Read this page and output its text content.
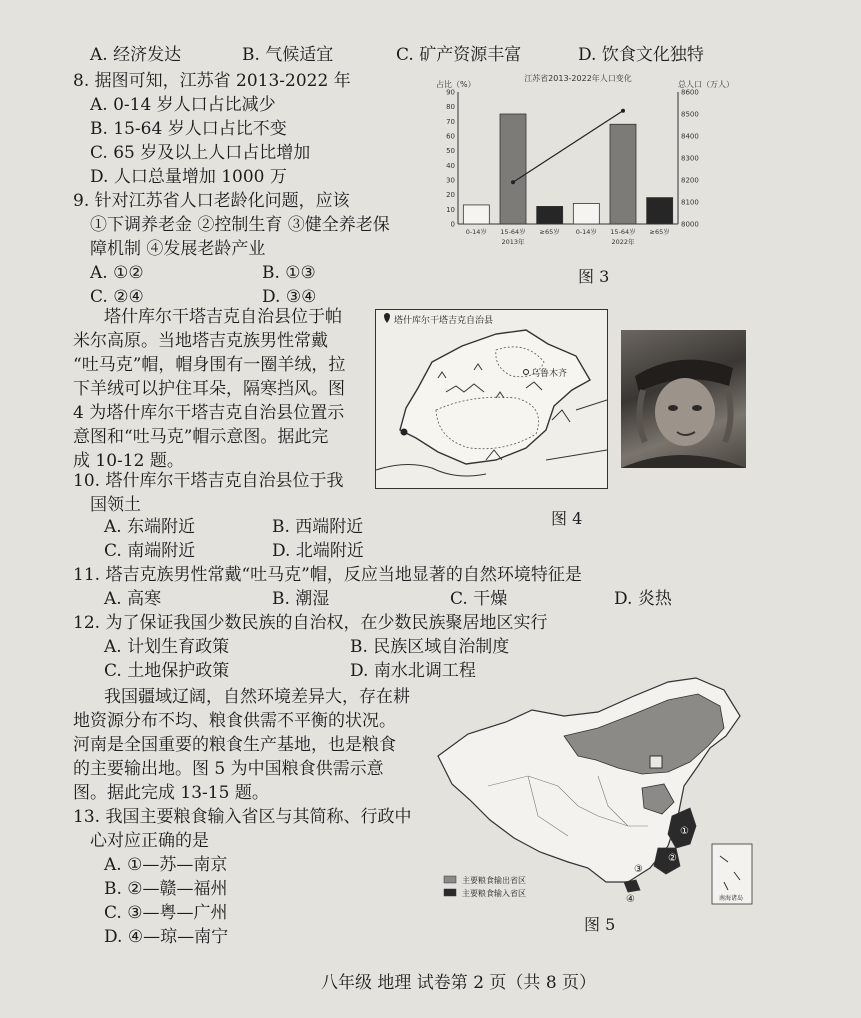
A. 经济发达	B. 气候适宜	C. 矿产资源丰富	D. 饮食文化独特
8. 据图可知，江苏省 2013-2022 年
A. 0-14 岁人口占比减少
B. 15-64 岁人口占比不变
C. 65 岁及以上人口占比增加
D. 人口总量增加 1000 万
9. 针对江苏省人口老龄化问题，应该
①下调养老金 ②控制生育 ③健全养老保
障机制 ④发展老龄产业
A. ①②	B. ①③
C. ②④	D. ③④
江苏省2013-2022年人口变化
占比（%）	总人口（万人）
0
10
20
30
40
50
60
70
80
90
8000
8100
8200
8300
8400
8500
8600
0-14岁 15-64岁 ≥65岁
2013年
0-14岁 15-64岁 ≥65岁
2022年
图 3
塔什库尔干塔吉克自治县位于帕
米尔高原。当地塔吉克族男性常戴
“吐马克”帽，帽身围有一圈羊绒，拉
下羊绒可以护住耳朵，隔寒挡风。图
4 为塔什库尔干塔吉克自治县位置示
意图和“吐马克”帽示意图。据此完
成 10-12 题。
塔什库尔干塔吉克自治县
乌鲁木齐
图 4
10. 塔什库尔干塔吉克自治县位于我
国领土
A. 东端附近	B. 西端附近
C. 南端附近	D. 北端附近
11. 塔吉克族男性常戴“吐马克”帽，反应当地显著的自然环境特征是
A. 高寒	B. 潮湿	C. 干燥	D. 炎热
12. 为了保证我国少数民族的自治权，在少数民族聚居地区实行
A. 计划生育政策	B. 民族区域自治制度
C. 土地保护政策	D. 南水北调工程
我国疆域辽阔，自然环境差异大，存在耕
地资源分布不均、粮食供需不平衡的状况。
河南是全国重要的粮食生产基地，也是粮食
的主要输出地。图 5 为中国粮食供需示意
图。据此完成 13-15 题。
13. 我国主要粮食输入省区与其简称、行政中
心对应正确的是
A. ①—苏—南京
B. ②—赣—福州
C. ③—粤—广州
D. ④—琼—南宁
①
②
③
④
主要粮食输出省区
主要粮食输入省区
南海诸岛
图 5
八年级 地理 试卷第 2 页（共 8 页）
